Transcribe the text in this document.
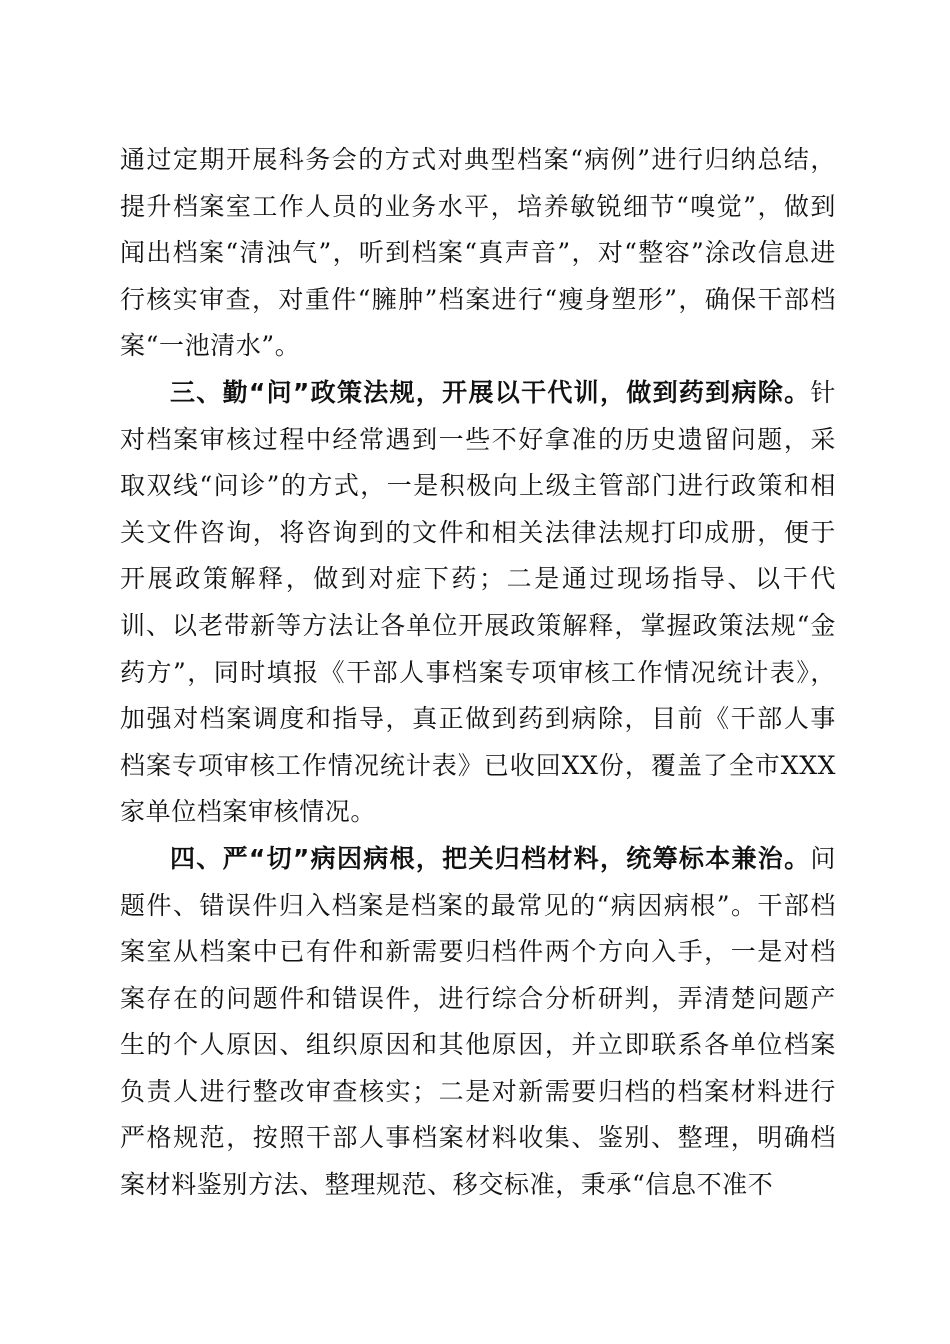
通过定期开展科务会的方式对典型档案“病例”进行归纳总结，提升档案室工作人员的业务水平，培养敏锐细节“嗅觉”，做到闻出档案“清浊气”，听到档案“真声音”，对“整容”涂改信息进行核实审查，对重件“臃肿”档案进行“瘦身塑形”，确保干部档案“一池清水”。

三、勤“问”政策法规，开展以干代训，做到药到病除。针对档案审核过程中经常遇到一些不好拿准的历史遗留问题，采取双线“问诊”的方式，一是积极向上级主管部门进行政策和相关文件咨询，将咨询到的文件和相关法律法规打印成册，便于开展政策解释，做到对症下药；二是通过现场指导、以干代训、以老带新等方法让各单位开展政策解释，掌握政策法规“金药方”，同时填报《干部人事档案专项审核工作情况统计表》，加强对档案调度和指导，真正做到药到病除，目前《干部人事档案专项审核工作情况统计表》已收回XX份，覆盖了全市XXX家单位档案审核情况。

四、严“切”病因病根，把关归档材料，统筹标本兼治。问题件、错误件归入档案是档案的最常见的“病因病根”。干部档案室从档案中已有件和新需要归档件两个方向入手，一是对档案存在的问题件和错误件，进行综合分析研判，弄清楚问题产生的个人原因、组织原因和其他原因，并立即联系各单位档案负责人进行整改审查核实；二是对新需要归档的档案材料进行严格规范，按照干部人事档案材料收集、鉴别、整理，明确档案材料鉴别方法、整理规范、移交标准，秉承“信息不准不
